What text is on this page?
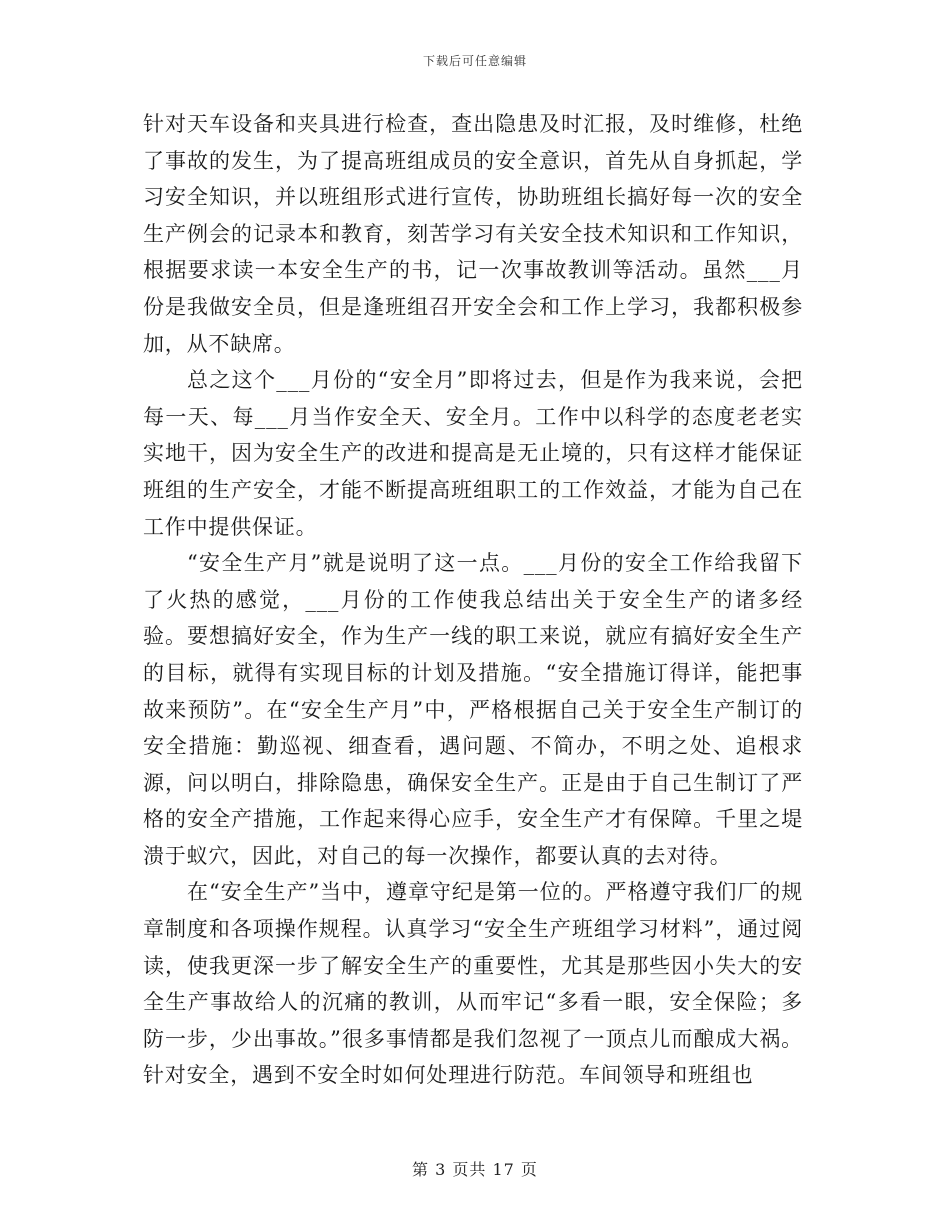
下载后可任意编辑

针对天车设备和夹具进行检查，查出隐患及时汇报，及时维修，杜绝了事故的发生，为了提高班组成员的安全意识，首先从自身抓起，学习安全知识，并以班组形式进行宣传，协助班组长搞好每一次的安全生产例会的记录本和教育，刻苦学习有关安全技术知识和工作知识，根据要求读一本安全生产的书，记一次事故教训等活动。虽然___月份是我做安全员，但是逢班组召开安全会和工作上学习，我都积极参加，从不缺席。

总之这个___月份的“安全月”即将过去，但是作为我来说，会把每一天、每___月当作安全天、安全月。工作中以科学的态度老老实实地干，因为安全生产的改进和提高是无止境的，只有这样才能保证班组的生产安全，才能不断提高班组职工的工作效益，才能为自己在工作中提供保证。

“安全生产月”就是说明了这一点。___月份的安全工作给我留下了火热的感觉，___月份的工作使我总结出关于安全生产的诸多经验。要想搞好安全，作为生产一线的职工来说，就应有搞好安全生产的目标，就得有实现目标的计划及措施。“安全措施订得详，能把事故来预防”。在“安全生产月”中，严格根据自己关于安全生产制订的安全措施：勤巡视、细查看，遇问题、不简办，不明之处、追根求源，问以明白，排除隐患，确保安全生产。正是由于自己生制订了严格的安全产措施，工作起来得心应手，安全生产才有保障。千里之堤溃于蚁穴，因此，对自己的每一次操作，都要认真的去对待。

在“安全生产”当中，遵章守纪是第一位的。严格遵守我们厂的规章制度和各项操作规程。认真学习“安全生产班组学习材料”，通过阅读，使我更深一步了解安全生产的重要性，尤其是那些因小失大的安全生产事故给人的沉痛的教训，从而牢记“多看一眼，安全保险；多防一步，少出事故。”很多事情都是我们忽视了一顶点儿而酿成大祸。针对安全，遇到不安全时如何处理进行防范。车间领导和班组也

第 3 页共 17 页
